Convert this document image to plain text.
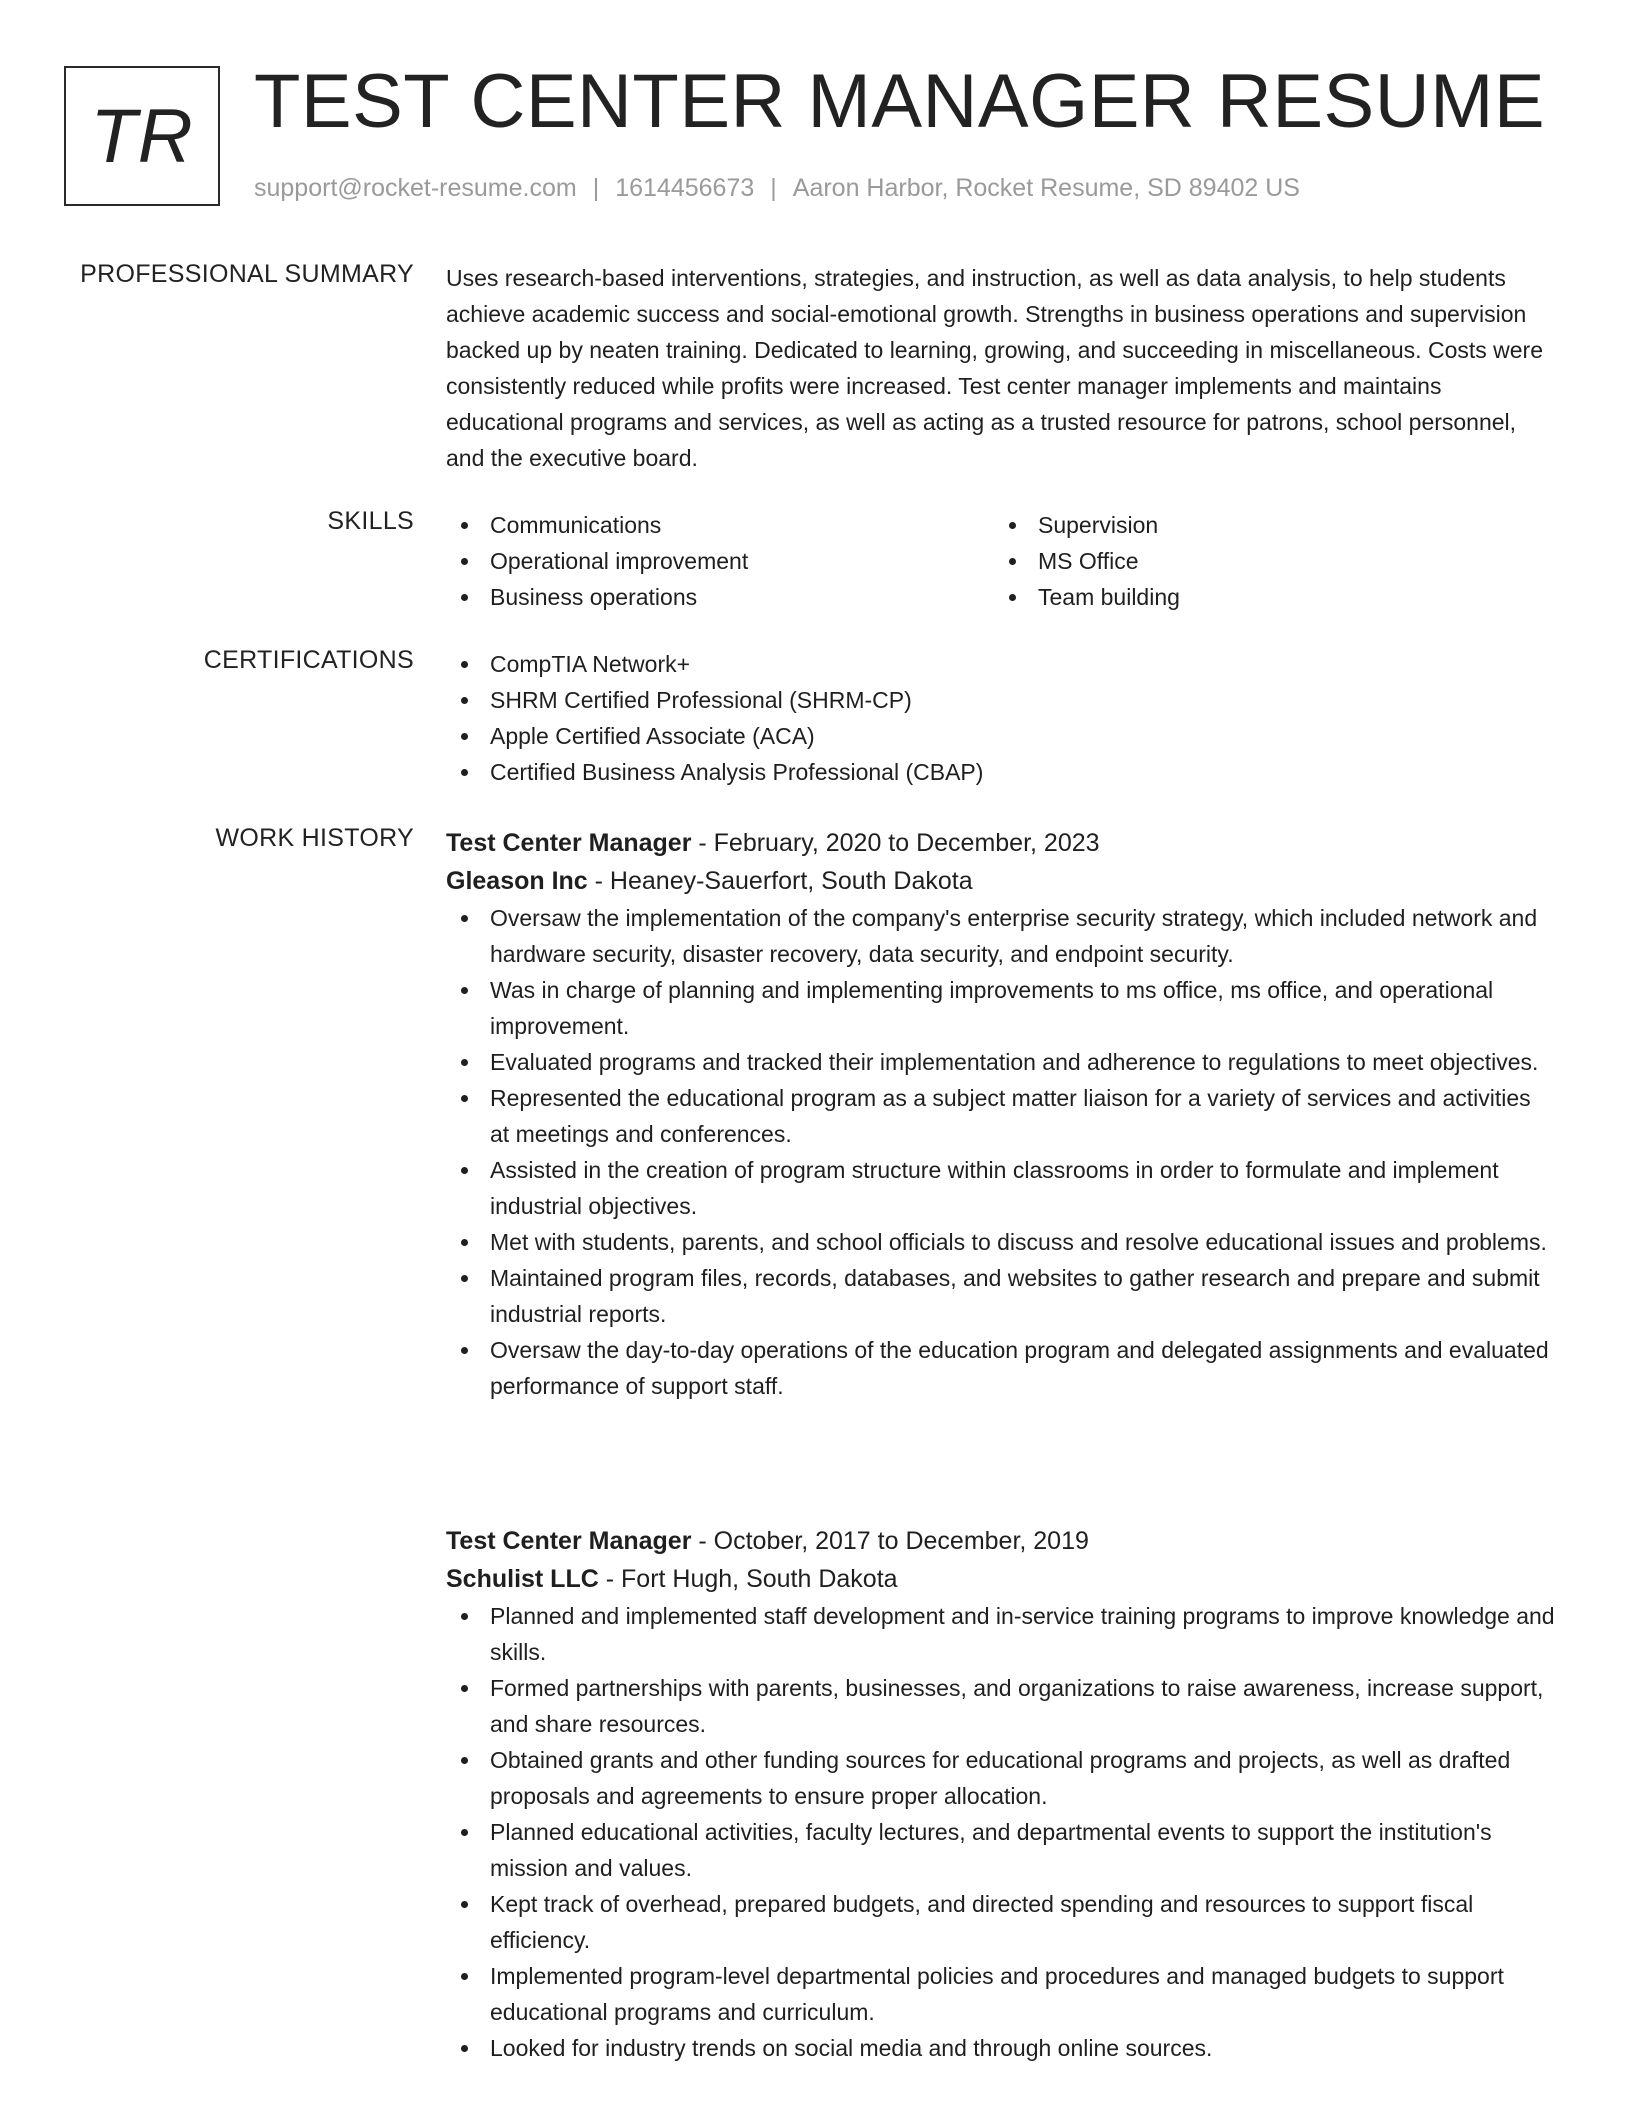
TR TEST CENTER MANAGER RESUME
support@rocket-resume.com | 1614456673 | Aaron Harbor, Rocket Resume, SD 89402 US
PROFESSIONAL SUMMARY Uses research-based interventions, strategies, and instruction, as well as data analysis, to help students achieve academic success and social-emotional growth. Strengths in business operations and supervision backed up by neaten training. Dedicated to learning, growing, and succeeding in miscellaneous. Costs were consistently reduced while profits were increased. Test center manager implements and maintains educational programs and services, as well as acting as a trusted resource for patrons, school personnel, and the executive board.
SKILLS	Communications
Operational improvement
Business operations
Supervision
MS Office
Team building
CERTIFICATIONS	CompTIA Network+
SHRM Certified Professional (SHRM-CP)
Apple Certified Associate (ACA)
Certified Business Analysis Professional (CBAP)
WORK HISTORY Test Center Manager - February, 2020 to December, 2023
Gleason Inc - Heaney-Sauerfort, South Dakota
Oversaw the implementation of the company's enterprise security strategy, which included network and hardware security, disaster recovery, data security, and endpoint security.
Was in charge of planning and implementing improvements to ms office, ms office, and operational improvement.
Evaluated programs and tracked their implementation and adherence to regulations to meet objectives.
Represented the educational program as a subject matter liaison for a variety of services and activities at meetings and conferences.
Assisted in the creation of program structure within classrooms in order to formulate and implement industrial objectives.
Met with students, parents, and school officials to discuss and resolve educational issues and problems.
Maintained program files, records, databases, and websites to gather research and prepare and submit industrial reports.
Oversaw the day-to-day operations of the education program and delegated assignments and evaluated performance of support staff.
Test Center Manager - October, 2017 to December, 2019
Schulist LLC - Fort Hugh, South Dakota
Planned and implemented staff development and in-service training programs to improve knowledge and skills.
Formed partnerships with parents, businesses, and organizations to raise awareness, increase support, and share resources.
Obtained grants and other funding sources for educational programs and projects, as well as drafted proposals and agreements to ensure proper allocation.
Planned educational activities, faculty lectures, and departmental events to support the institution's mission and values.
Kept track of overhead, prepared budgets, and directed spending and resources to support fiscal efficiency.
Implemented program-level departmental policies and procedures and managed budgets to support educational programs and curriculum.
Looked for industry trends on social media and through online sources.
